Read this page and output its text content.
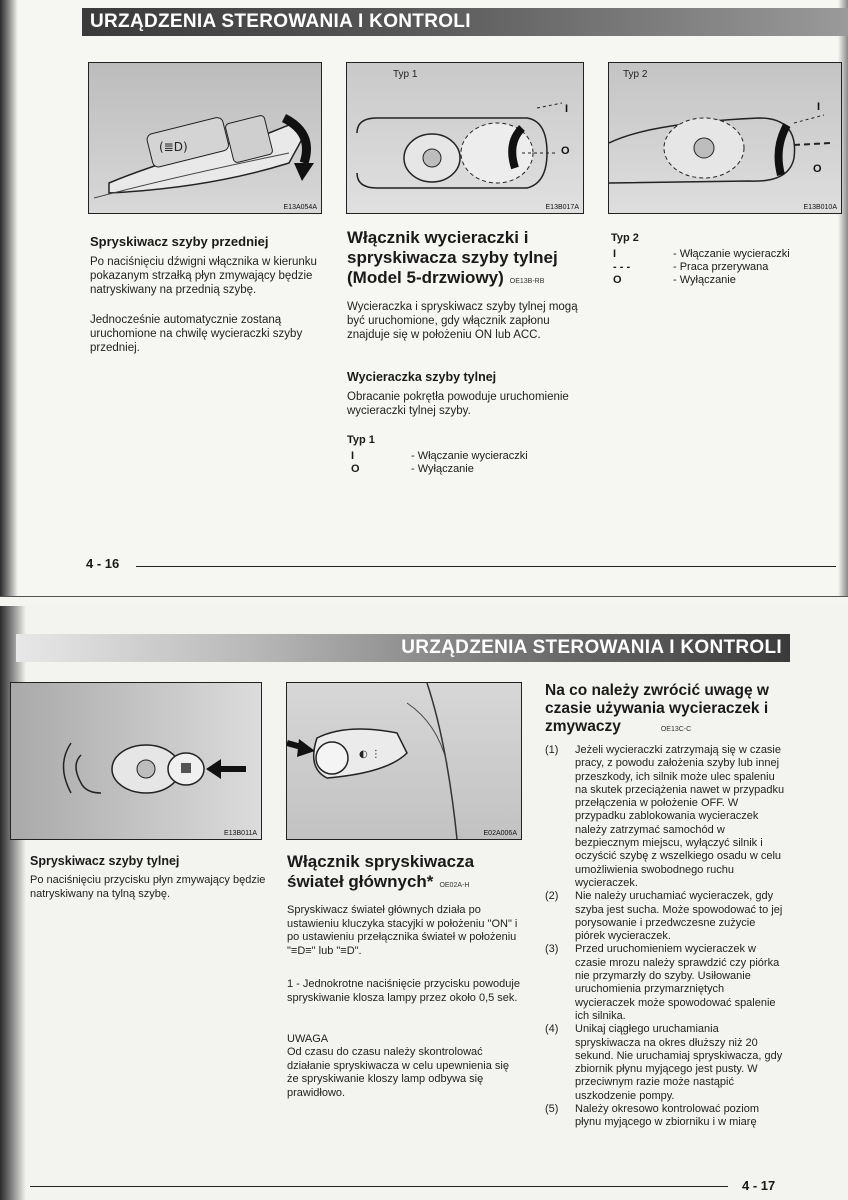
URZĄDZENIA STEROWANIA I KONTROLI
(≣D)
E13A054A
Typ 1
I
O
E13B017A
Typ 2
I
O
E13B010A
Spryskiwacz szyby przedniej
Po naciśnięciu dźwigni włącznika w kierunku pokazanym strzałką płyn zmywający będzie natryskiwany na przednią szybę.
Jednocześnie automatycznie zostaną uruchomione na chwilę wycieraczki szyby przedniej.
Włącznik wycieraczki i spryskiwacza szyby tylnej (Model 5-drzwiowy) OE13B-RB
Wycieraczka i spryskiwacz szyby tylnej mogą być uruchomione, gdy włącznik zapłonu znajduje się w położeniu ON lub ACC.
Wycieraczka szyby tylnej
Obracanie pokrętła powoduje uruchomienie wycieraczki tylnej szyby.
Typ 1
I	- Włączanie wycieraczki
O	- Wyłączanie
Typ 2
I	- Włączanie wycieraczki
- - -	- Praca przerywana
O	- Wyłączanie
4 - 16
URZĄDZENIA STEROWANIA I KONTROLI
E13B011A
◐ ⋮
E02A006A
Spryskiwacz szyby tylnej
Po naciśnięciu przycisku płyn zmywający będzie natryskiwany na tylną szybę.
Włącznik spryskiwacza świateł głównych* OE02A-H
Spryskiwacz świateł głównych działa po ustawieniu kluczyka stacyjki w położeniu "ON" i po ustawieniu przełącznika świateł w położeniu "≡D≡" lub "≡D".
1 - Jednokrotne naciśnięcie przycisku powoduje spryskiwanie klosza lampy przez około 0,5 sek.
UWAGA
Od czasu do czasu należy skontrolować działanie spryskiwacza w celu upewnienia się że spryskiwanie kloszy lamp odbywa się prawidłowo.
Na co należy zwrócić uwagę w czasie używania wycieraczek i zmywaczy	OE13C-C
(1)	Jeżeli wycieraczki zatrzymają się w czasie pracy, z powodu założenia szyby lub innej przeszkody, ich silnik może ulec spaleniu na skutek przeciążenia nawet w przypadku przełączenia w położenie OFF. W przypadku zablokowania wycieraczek należy zatrzymać samochód w bezpiecznym miejscu, wyłączyć silnik i oczyścić szybę z wszelkiego osadu w celu umożliwienia swobodnego ruchu wycieraczek.
(2)	Nie należy uruchamiać wycieraczek, gdy szyba jest sucha. Może spowodować to jej porysowanie i przedwczesne zużycie piórek wycieraczek.
(3)	Przed uruchomieniem wycieraczek w czasie mrozu należy sprawdzić czy piórka nie przymarzły do szyby. Usiłowanie uruchomienia przymarzniętych wycieraczek może spowodować spalenie ich silnika.
(4)	Unikaj ciągłego uruchamiania spryskiwacza na okres dłuższy niż 20 sekund. Nie uruchamiaj spryskiwacza, gdy zbiornik płynu myjącego jest pusty. W przeciwnym razie może nastąpić uszkodzenie pompy.
(5)	Należy okresowo kontrolować poziom płynu myjącego w zbiorniku i w miarę
4 - 17
